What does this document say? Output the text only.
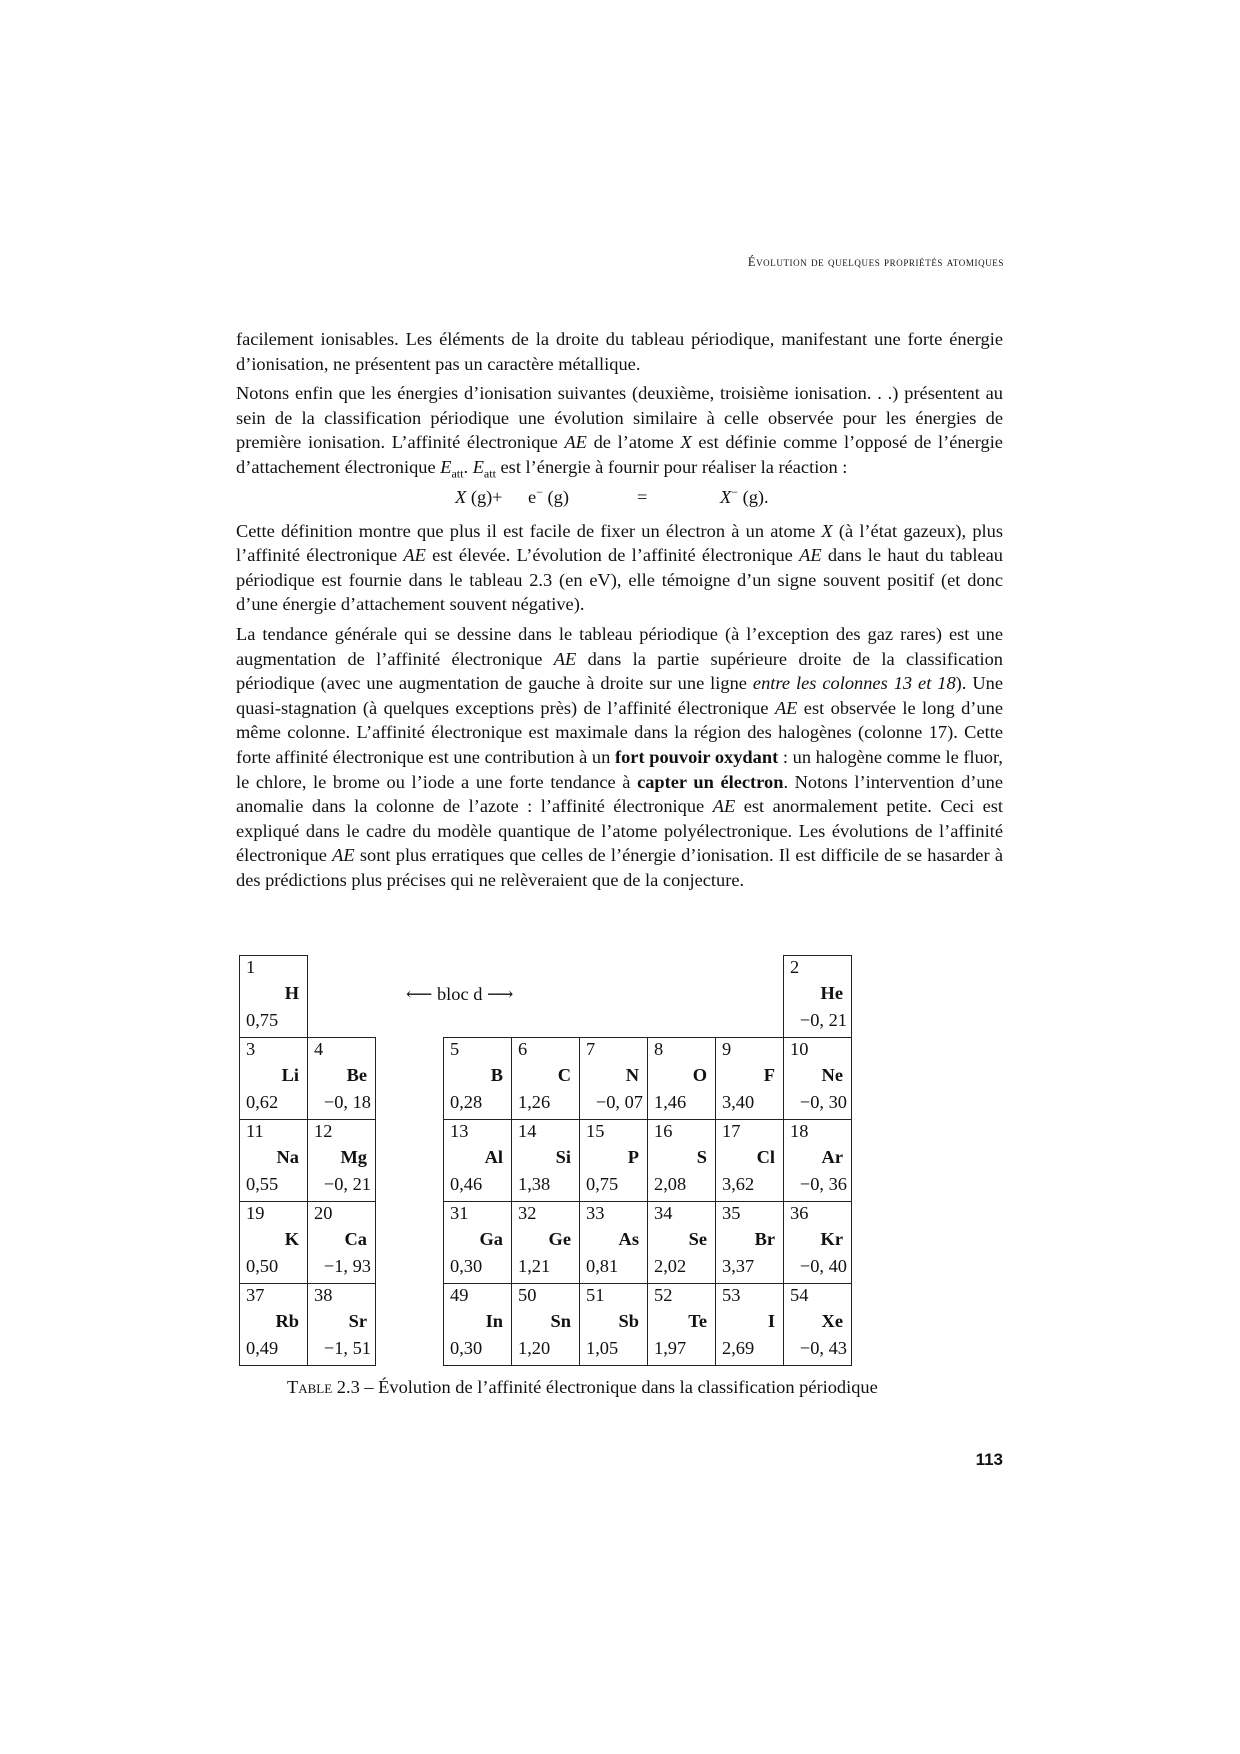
Évolution de quelques propriétés atomiques

facilement ionisables. Les éléments de la droite du tableau périodique, manifestant une forte énergie d’ionisation, ne présentent pas un caractère métallique.

Notons enfin que les énergies d’ionisation suivantes (deuxième, troisième ionisation. . .) présentent au sein de la classification périodique une évolution similaire à celle observée pour les énergies de première ionisation. L’affinité électronique AE de l’atome X est définie comme l’opposé de l’énergie d’attachement électronique $E_{att}$. $E_{att}$ est l’énergie à fournir pour réaliser la réaction :

X (g) + e− (g)	=	X− (g).

Cette définition montre que plus il est facile de fixer un électron à un atome X (à l’état gazeux), plus l’affinité électronique AE est élevée. L’évolution de l’affinité électronique AE dans le haut du tableau périodique est fournie dans le tableau 2.3 (en eV), elle témoigne d’un signe souvent positif (et donc d’une énergie d’attachement souvent négative).

La tendance générale qui se dessine dans le tableau périodique (à l’exception des gaz rares) est une augmentation de l’affinité électronique AE dans la partie supérieure droite de la classification périodique (avec une augmentation de gauche à droite sur une ligne entre les colonnes 13 et 18). Une quasi-stagnation (à quelques exceptions près) de l’affinité électronique AE est observée le long d’une même colonne. L’affinité électronique est maximale dans la région des halogènes (colonne 17). Cette forte affinité électronique est une contribution à un fort pouvoir oxydant : un halogène comme le fluor, le chlore, le brome ou l’iode a une forte tendance à capter un électron. Notons l’intervention d’une anomalie dans la colonne de l’azote : l’affinité électronique AE est anormalement petite. Ceci est expliqué dans le cadre du modèle quantique de l’atome polyélectronique. Les évolutions de l’affinité électronique AE sont plus erratiques que celles de l’énergie d’ionisation. Il est difficile de se hasarder à des prédictions plus précises qui ne relèveraient que de la conjecture.

1
H
0,75								2
He
−0, 21

3
Li
0,62	4
Be
−0, 18		5
B
0,28	6
C
1,26	7
N
−0, 07	8
O
1,46	9
F
3,40	10
Ne
−0, 30

11
Na
0,55	12
Mg
−0, 21		13
Al
0,46	14
Si
1,38	15
P
0,75	16
S
2,08	17
Cl
3,62	18
Ar
−0, 36

19
K
0,50	20
Ca
−1, 93		31
Ga
0,30	32
Ge
1,21	33
As
0,81	34
Se
2,02	35
Br
3,37	36
Kr
−0, 40

37
Rb
0,49	38
Sr
−1, 51		49
In
0,30	50
Sn
1,20	51
Sb
1,05	52
Te
1,97	53
I
2,69	54
Xe
−0, 43
⟵ bloc d ⟶
Table 2.3 – Évolution de l’affinité électronique dans la classification périodique
113
